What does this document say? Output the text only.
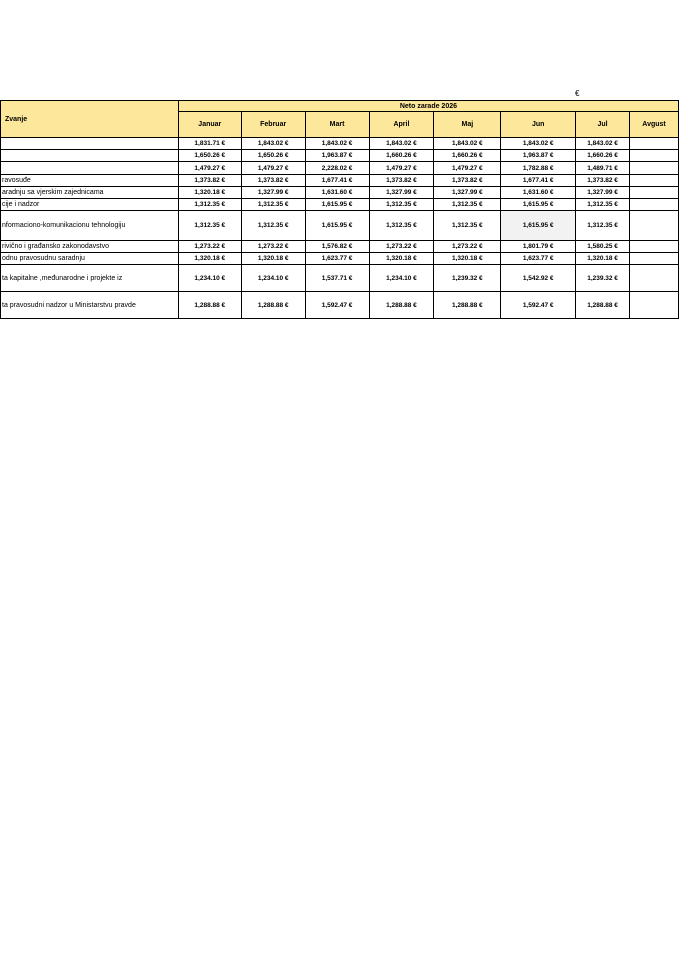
€
Zvanje	Neto zarade 2026							
	Januar	Februar	Mart	April	Maj	Jun	Jul	Avgust
	1,831.71 €	1,843.02 €	1,843.02 €	1,843.02 €	1,843.02 €	1,843.02 €	1,843.02 €	
	1,650.26 €	1,650.26 €	1,963.87 €	1,660.26 €	1,660.26 €	1,963.87 €	1,660.26 €	
	1,479.27 €	1,479.27 €	2,228.02 €	1,479.27 €	1,479.27 €	1,782.88 €	1,489.71 €	
ravosuđe	1,373.82 €	1,373.82 €	1,677.41 €	1,373.82 €	1,373.82 €	1,677.41 €	1,373.82 €	
aradnju sa vjerskim zajednicama	1,320.18 €	1,327.99 €	1,631.60 €	1,327.99 €	1,327.99 €	1,631.60 €	1,327.99 €	
cije i nadzor	1,312.35 €	1,312.35 €	1,615.95 €	1,312.35 €	1,312.35 €	1,615.95 €	1,312.35 €	
nformaciono-komunikacionu tehnologiju	1,312.35 €	1,312.35 €	1,615.95 €	1,312.35 €	1,312.35 €	1,615.95 €	1,312.35 €	
rivično i građansko zakonodavstvo	1,273.22 €	1,273.22 €	1,576.82 €	1,273.22 €	1,273.22 €	1,801.79 €	1,580.25 €	
odnu pravosudnu saradnju	1,320.18 €	1,320.18 €	1,623.77 €	1,320.18 €	1,320.18 €	1,623.77 €	1,320.18 €	
ta kapitalne ,međunarodne i projekte iz	1,234.10 €	1,234.10 €	1,537.71 €	1,234.10 €	1,239.32 €	1,542.92 €	1,239.32 €	
ta pravosudni nadzor u Ministarstvu pravde	1,288.88 €	1,288.88 €	1,592.47 €	1,288.88 €	1,288.88 €	1,592.47 €	1,288.88 €	
